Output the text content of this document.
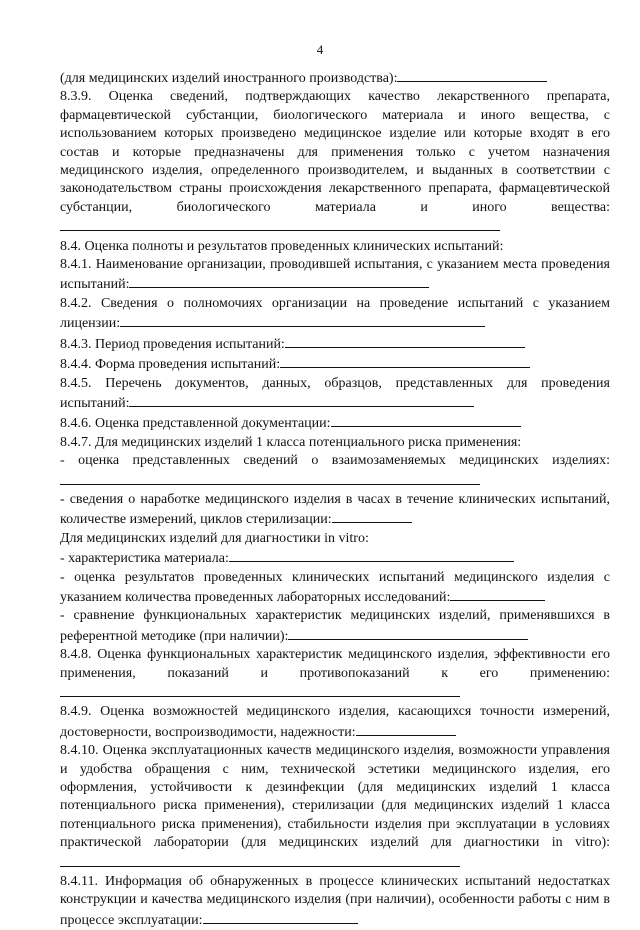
4

(для медицинских изделий иностранного производства):

8.3.9. Оценка сведений, подтверждающих качество лекарственного препарата, фармацевтической субстанции, биологического материала и иного вещества, с использованием которых произведено медицинское изделие или которые входят в его состав и которые предназначены для применения только с учетом назначения медицинского изделия, определенного производителем, и выданных в соответствии с законодательством страны происхождения лекарственного препарата, фармацевтической субстанции, биологического материала и иного вещества:

8.4. Оценка полноты и результатов проведенных клинических испытаний:

8.4.1. Наименование организации, проводившей испытания, с указанием места проведения испытаний:

8.4.2. Сведения о полномочиях организации на проведение испытаний с указанием лицензии:

8.4.3. Период проведения испытаний:

8.4.4. Форма проведения испытаний:

8.4.5. Перечень документов, данных, образцов, представленных для проведения испытаний:

8.4.6. Оценка представленной документации:

8.4.7. Для медицинских изделий 1 класса потенциального риска применения:

- оценка представленных сведений о взаимозаменяемых медицинских изделиях:

- сведения о наработке медицинского изделия в часах в течение клинических испытаний, количестве измерений, циклов стерилизации:

Для медицинских изделий для диагностики in vitro:

- характеристика материала:

- оценка результатов проведенных клинических испытаний медицинского изделия с указанием количества проведенных лабораторных исследований:

- сравнение функциональных характеристик медицинских изделий, применявшихся в референтной методике (при наличии):

8.4.8. Оценка функциональных характеристик медицинского изделия, эффективности его применения, показаний и противопоказаний к его применению:

8.4.9. Оценка возможностей медицинского изделия, касающихся точности измерений, достоверности, воспроизводимости, надежности:

8.4.10. Оценка эксплуатационных качеств медицинского изделия, возможности управления и удобства обращения с ним, технической эстетики медицинского изделия, его оформления, устойчивости к дезинфекции (для медицинских изделий 1 класса потенциального риска применения), стерилизации (для медицинских изделий 1 класса потенциального риска применения), стабильности изделия при эксплуатации в условиях практической лаборатории (для медицинских изделий для диагностики in vitro):

8.4.11. Информация об обнаруженных в процессе клинических испытаний недостатках конструкции и качества медицинского изделия (при наличии), особенности работы с ним в процессе эксплуатации:
